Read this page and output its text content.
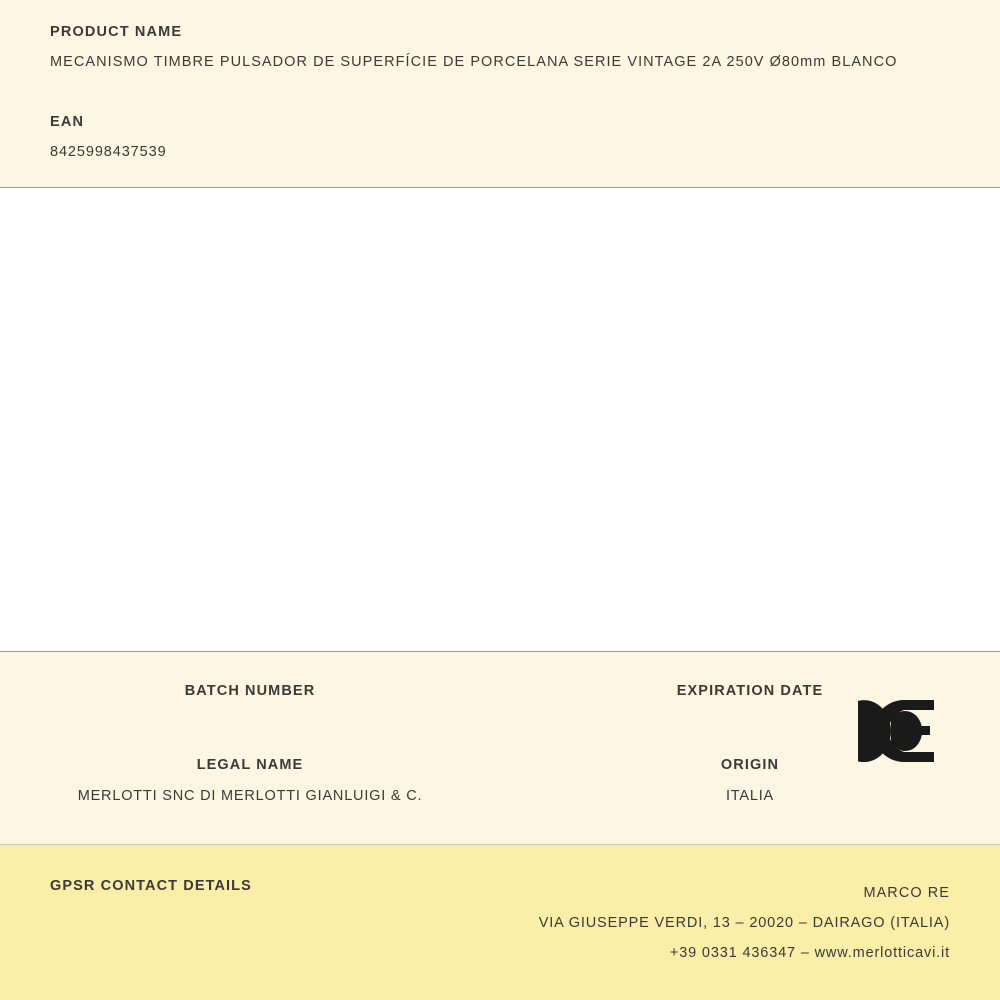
PRODUCT NAME
MECANISMO TIMBRE PULSADOR DE SUPERFÍCIE DE PORCELANA SERIE VINTAGE 2A 250V Ø80mm BLANCO
EAN
8425998437539
BATCH NUMBER	EXPIRATION DATE
LEGAL NAME
MERLOTTI SNC DI MERLOTTI GIANLUIGI & C.
ORIGIN
ITALIA
GPSR CONTACT DETAILS	MARCO RE
VIA GIUSEPPE VERDI, 13 – 20020 – DAIRAGO (ITALIA)
+39 0331 436347 – www.merlotticavi.it
